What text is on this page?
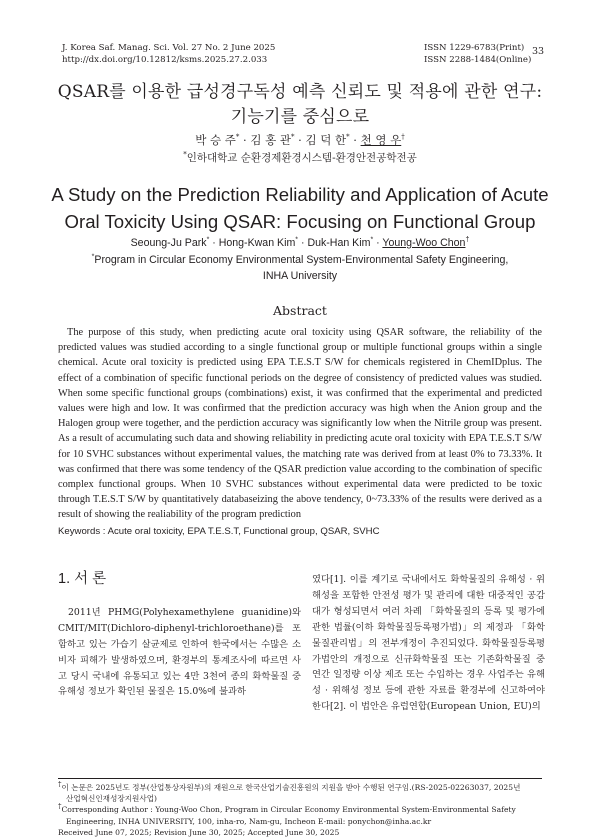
J. Korea Saf. Manag. Sci. Vol. 27 No. 2 June 2025
http://dx.doi.org/10.12812/ksms.2025.27.2.033
ISSN 1229-6783(Print)
ISSN 2288-1484(Online)
33
QSAR를 이용한 급성경구독성 예측 신뢰도 및 적용에 관한 연구:
기능기를 중심으로
박 승 주* · 김 홍 관* · 김 덕 한* · 천 영 우†
*인하대학교 순환경제환경시스템-환경안전공학전공
A Study on the Prediction Reliability and Application of Acute
Oral Toxicity Using QSAR: Focusing on Functional Group
Seoung-Ju Park* · Hong-Kwan Kim* · Duk-Han Kim* · Young-Woo Chon†
*Program in Circular Economy Environmental System-Environmental Safety Engineering,
INHA University
Abstract
The purpose of this study, when predicting acute oral toxicity using QSAR software, the reliability of the predicted values was studied according to a single functional group or multiple functional groups within a single chemical. Acute oral toxicity is predicted using EPA T.E.S.T S/W for chemicals registered in ChemIDplus. The effect of a combination of specific functional periods on the degree of consistency of predicted values was studied. When some specific functional groups (combinations) exist, it was confirmed that the experimental and predicted values were high and low. It was confirmed that the prediction accuracy was high when the Anion group and the Halogen group were together, and the perdiction accuracy was significantly low when the Nitrile group was present. As a result of accumulating such data and showing reliability in predicting acute oral toxicity with EPA T.E.S.T S/W for 10 SVHC substances without experimental values, the matching rate was derived from at least 0% to 73.33%. It was confirmed that there was some tendency of the QSAR prediction value according to the combination of specific complex functional groups. When 10 SVHC substances without experimental data were predicted to be toxic through T.E.S.T S/W by quantitatively databaseizing the above tendency, 0~73.33% of the results were derived as a result of showing the realiability of the program prediction
Keywords : Acute oral toxicity, EPA T.E.S.T, Functional group, QSAR, SVHC
1. 서 론
2011년 PHMG(Polyhexamethylene guanidine)와 CMIT/MIT(Dichloro-diphenyl-trichloroethane)를 포함하고 있는 가습기 살균제로 인하여 한국에서는 수많은 소비자 피해가 발생하였으며, 환경부의 통계조사에 따르면 사고 당시 국내에 유통되고 있는 4만 3천여 종의 화학물질 중 유해성 정보가 확인된 물질은 15.0%에 불과하
였다[1]. 이를 계기로 국내에서도 화학물질의 유해성 · 위해성을 포함한 안전성 평가 및 관리에 대한 대중적인 공감대가 형성되면서 여러 차례 「화학물질의 등록 및 평가에 관한 법률(이하 화학물질등록평가법)」의 제정과 「화학물질관리법」의 전부개정이 추진되었다. 화학물질등록평가법안의 개정으로 신규화학물질 또는 기존화학물질 중 연간 일정량 이상 제조 또는 수입하는 경우 사업주는 유해성 · 위해성 정보 등에 관한 자료를 환경부에 신고하여야 한다[2]. 이 법안은 유럽연합(European Union, EU)의
†이 논문은 2025년도 정부(산업통상자원부)의 재원으로 한국산업기술진흥원의 지원을 받아 수행된 연구임.(RS-2025-02263037, 2025년
산업혁신인재성장지원사업)
†Corresponding Author : Young-Woo Chon, Program in Circular Economy Environmental System-Environmental Safety
Engineering, INHA UNIVERSITY, 100, inha-ro, Nam-gu, Incheon E-mail: ponychon@inha.ac.kr
Received June 07, 2025; Revision June 30, 2025; Accepted June 30, 2025
